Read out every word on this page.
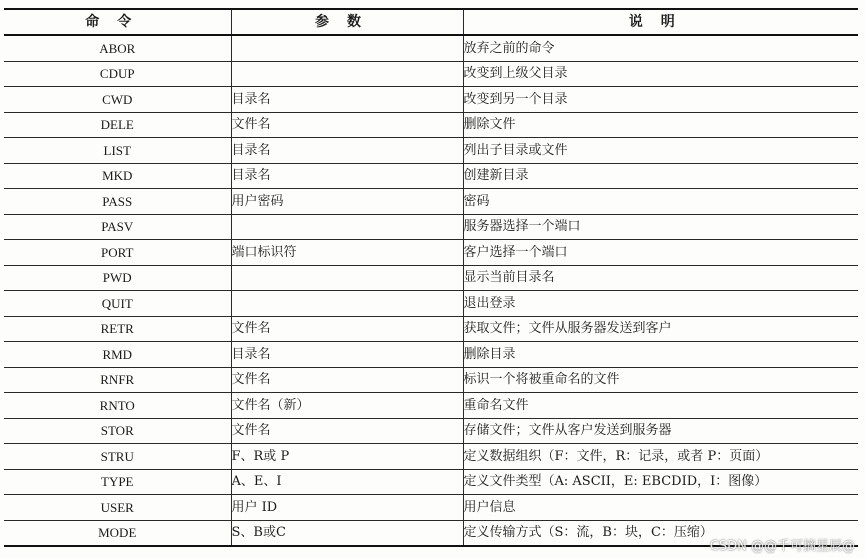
命令	参数	说明
ABOR		放弃之前的命令
CDUP		改变到上级父目录
CWD	目录名	改变到另一个目录
DELE	文件名	删除文件
LIST	目录名	列出子目录或文件
MKD	目录名	创建新目录
PASS	用户密码	密码
PASV		服务器选择一个端口
PORT	端口标识符	客户选择一个端口
PWD		显示当前目录名
QUIT		退出登录
RETR	文件名	获取文件；文件从服务器发送到客户
RMD	目录名	删除目录
RNFR	文件名	标识一个将被重命名的文件
RNTO	文件名（新）	重命名文件
STOR	文件名	存储文件；文件从客户发送到服务器
STRU	F、R或 P	定义数据组织（F：文件，R：记录，或者 P：页面）
TYPE	A、E、I	定义文件类型（A: ASCII，E: EBCDID，I：图像）
USER	用户 ID	用户信息
MODE	S、B或C	定义传输方式（S：流，B：块，C：压缩）
CSDN @@千可摘星辰@
